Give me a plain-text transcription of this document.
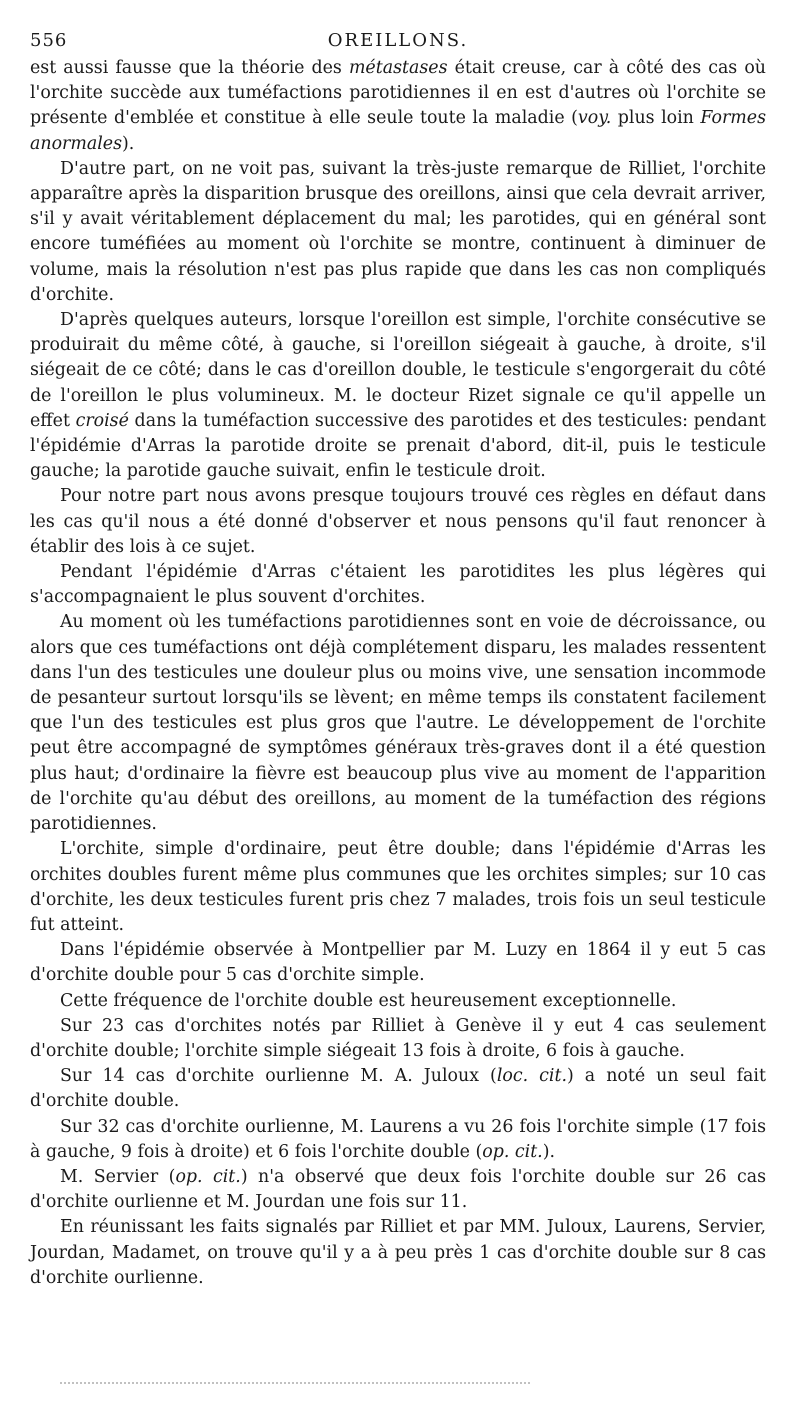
556	OREILLONS.

est aussi fausse que la théorie des métastases était creuse, car à côté des cas où l'orchite succède aux tuméfactions parotidiennes il en est d'autres où l'orchite se présente d'emblée et constitue à elle seule toute la maladie (voy. plus loin Formes anormales).

D'autre part, on ne voit pas, suivant la très-juste remarque de Rilliet, l'orchite apparaître après la disparition brusque des oreillons, ainsi que cela devrait arriver, s'il y avait véritablement déplacement du mal; les parotides, qui en général sont encore tuméfiées au moment où l'orchite se montre, continuent à diminuer de volume, mais la résolution n'est pas plus rapide que dans les cas non compliqués d'orchite.

D'après quelques auteurs, lorsque l'oreillon est simple, l'orchite consécutive se produirait du même côté, à gauche, si l'oreillon siégeait à gauche, à droite, s'il siégeait de ce côté; dans le cas d'oreillon double, le testicule s'engorgerait du côté de l'oreillon le plus volumineux. M. le docteur Rizet signale ce qu'il appelle un effet croisé dans la tuméfaction successive des parotides et des testicules: pendant l'épidémie d'Arras la parotide droite se prenait d'abord, dit-il, puis le testicule gauche; la parotide gauche suivait, enfin le testicule droit.

Pour notre part nous avons presque toujours trouvé ces règles en défaut dans les cas qu'il nous a été donné d'observer et nous pensons qu'il faut renoncer à établir des lois à ce sujet.

Pendant l'épidémie d'Arras c'étaient les parotidites les plus légères qui s'accompagnaient le plus souvent d'orchites.

Au moment où les tuméfactions parotidiennes sont en voie de décroissance, ou alors que ces tuméfactions ont déjà complétement disparu, les malades ressentent dans l'un des testicules une douleur plus ou moins vive, une sensation incommode de pesanteur surtout lorsqu'ils se lèvent; en même temps ils constatent facilement que l'un des testicules est plus gros que l'autre. Le développement de l'orchite peut être accompagné de symptômes généraux très-graves dont il a été question plus haut; d'ordinaire la fièvre est beaucoup plus vive au moment de l'apparition de l'orchite qu'au début des oreillons, au moment de la tuméfaction des régions parotidiennes.

L'orchite, simple d'ordinaire, peut être double; dans l'épidémie d'Arras les orchites doubles furent même plus communes que les orchites simples; sur 10 cas d'orchite, les deux testicules furent pris chez 7 malades, trois fois un seul testicule fut atteint.

Dans l'épidémie observée à Montpellier par M. Luzy en 1864 il y eut 5 cas d'orchite double pour 5 cas d'orchite simple.

Cette fréquence de l'orchite double est heureusement exceptionnelle.

Sur 23 cas d'orchites notés par Rilliet à Genève il y eut 4 cas seulement d'orchite double; l'orchite simple siégeait 13 fois à droite, 6 fois à gauche.

Sur 14 cas d'orchite ourlienne M. A. Juloux (loc. cit.) a noté un seul fait d'orchite double.

Sur 32 cas d'orchite ourlienne, M. Laurens a vu 26 fois l'orchite simple (17 fois à gauche, 9 fois à droite) et 6 fois l'orchite double (op. cit.).

M. Servier (op. cit.) n'a observé que deux fois l'orchite double sur 26 cas d'orchite ourlienne et M. Jourdan une fois sur 11.

En réunissant les faits signalés par Rilliet et par MM. Juloux, Laurens, Servier, Jourdan, Madamet, on trouve qu'il y a à peu près 1 cas d'orchite double sur 8 cas d'orchite ourlienne.
